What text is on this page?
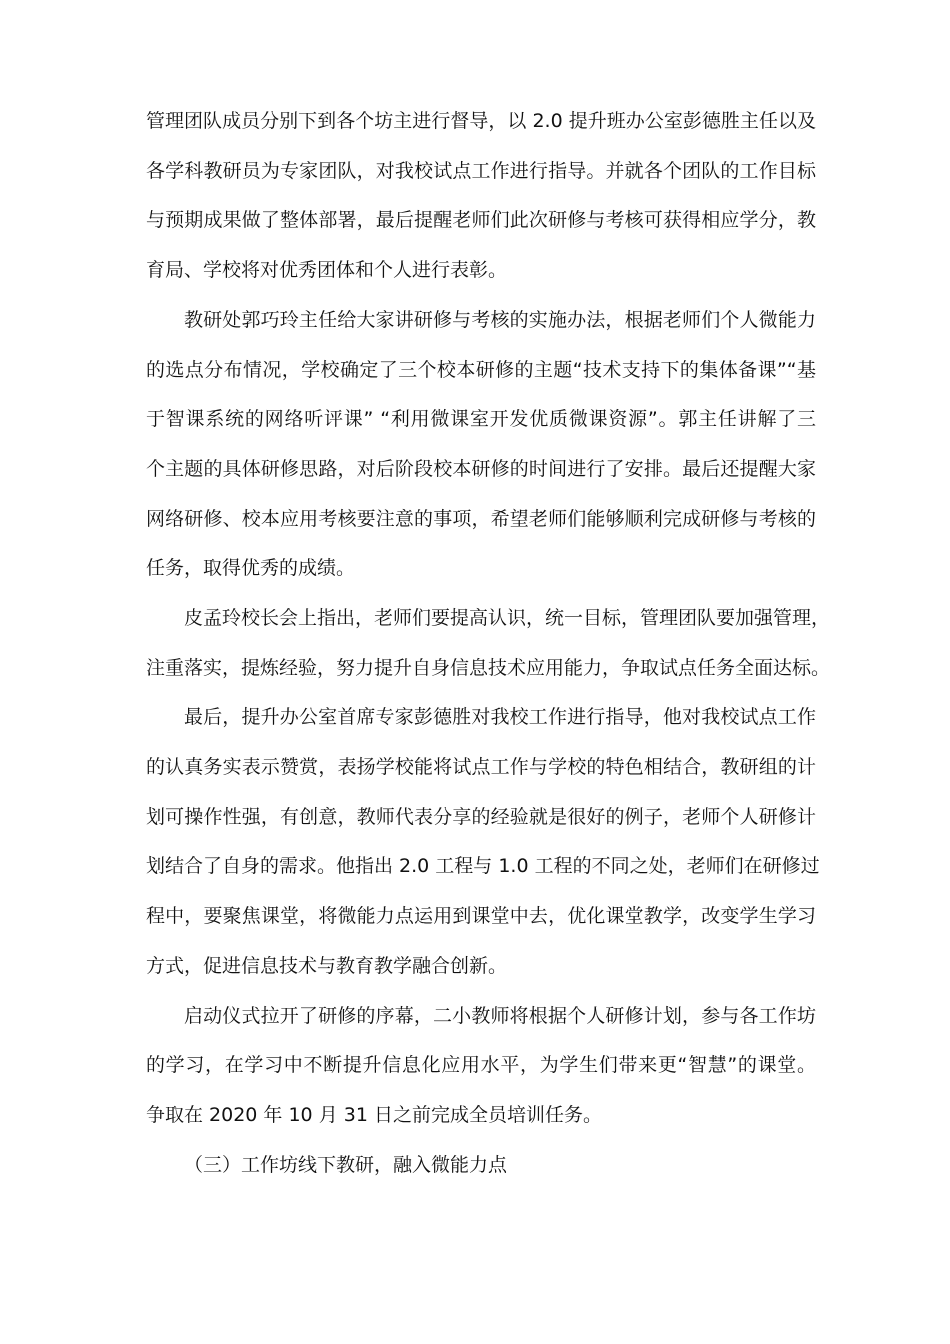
管理团队成员分别下到各个坊主进行督导，以 2.0 提升班办公室彭德胜主任以及
各学科教研员为专家团队，对我校试点工作进行指导。并就各个团队的工作目标
与预期成果做了整体部署，最后提醒老师们此次研修与考核可获得相应学分，教
育局、学校将对优秀团体和个人进行表彰。
教研处郭巧玲主任给大家讲研修与考核的实施办法，根据老师们个人微能力
的选点分布情况，学校确定了三个校本研修的主题“技术支持下的集体备课”“基
于智课系统的网络听评课” “利用微课室开发优质微课资源”。郭主任讲解了三
个主题的具体研修思路，对后阶段校本研修的时间进行了安排。最后还提醒大家
网络研修、校本应用考核要注意的事项，希望老师们能够顺利完成研修与考核的
任务，取得优秀的成绩。
皮孟玲校长会上指出，老师们要提高认识，统一目标，管理团队要加强管理，
注重落实，提炼经验，努力提升自身信息技术应用能力，争取试点任务全面达标。
最后，提升办公室首席专家彭德胜对我校工作进行指导，他对我校试点工作
的认真务实表示赞赏，表扬学校能将试点工作与学校的特色相结合，教研组的计
划可操作性强，有创意，教师代表分享的经验就是很好的例子，老师个人研修计
划结合了自身的需求。他指出 2.0 工程与 1.0 工程的不同之处，老师们在研修过
程中，要聚焦课堂，将微能力点运用到课堂中去，优化课堂教学，改变学生学习
方式，促进信息技术与教育教学融合创新。
启动仪式拉开了研修的序幕，二小教师将根据个人研修计划，参与各工作坊
的学习，在学习中不断提升信息化应用水平，为学生们带来更“智慧”的课堂。
争取在 2020 年 10 月 31 日之前完成全员培训任务。
（三）工作坊线下教研，融入微能力点
